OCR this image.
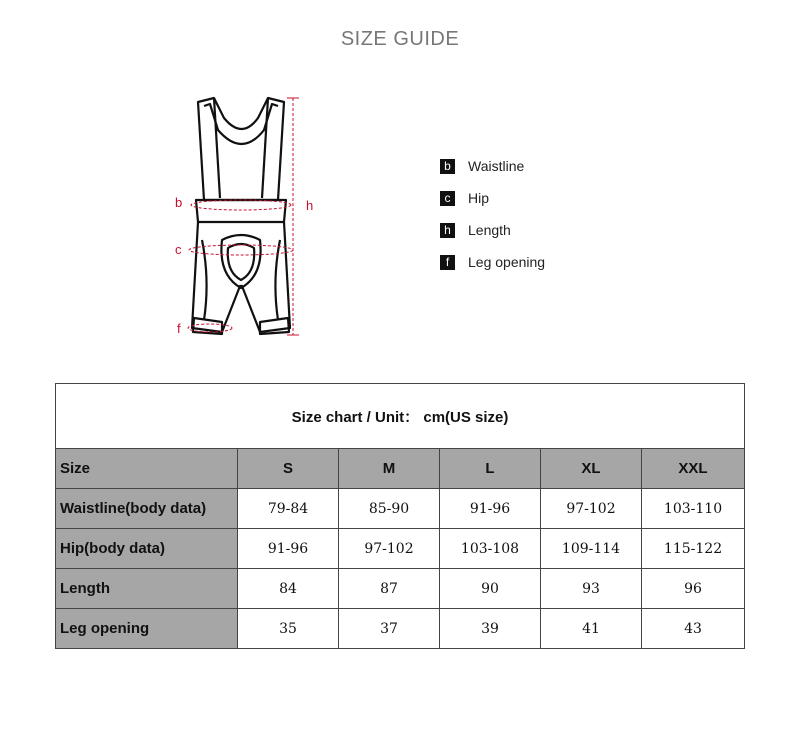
SIZE GUIDE
b
c
f
h
b Waistline
c	Hip
h Length
f	Leg opening
Size chart / Unit： cm(US size)					
Size	S	M	L	XL	XXL
Waistline(body data)	79-84	85-90	91-96	97-102	103-110
Hip(body data)	91-96	97-102	103-108	109-114	115-122
Length	84	87	90	93	96
Leg opening	35	37	39	41	43
